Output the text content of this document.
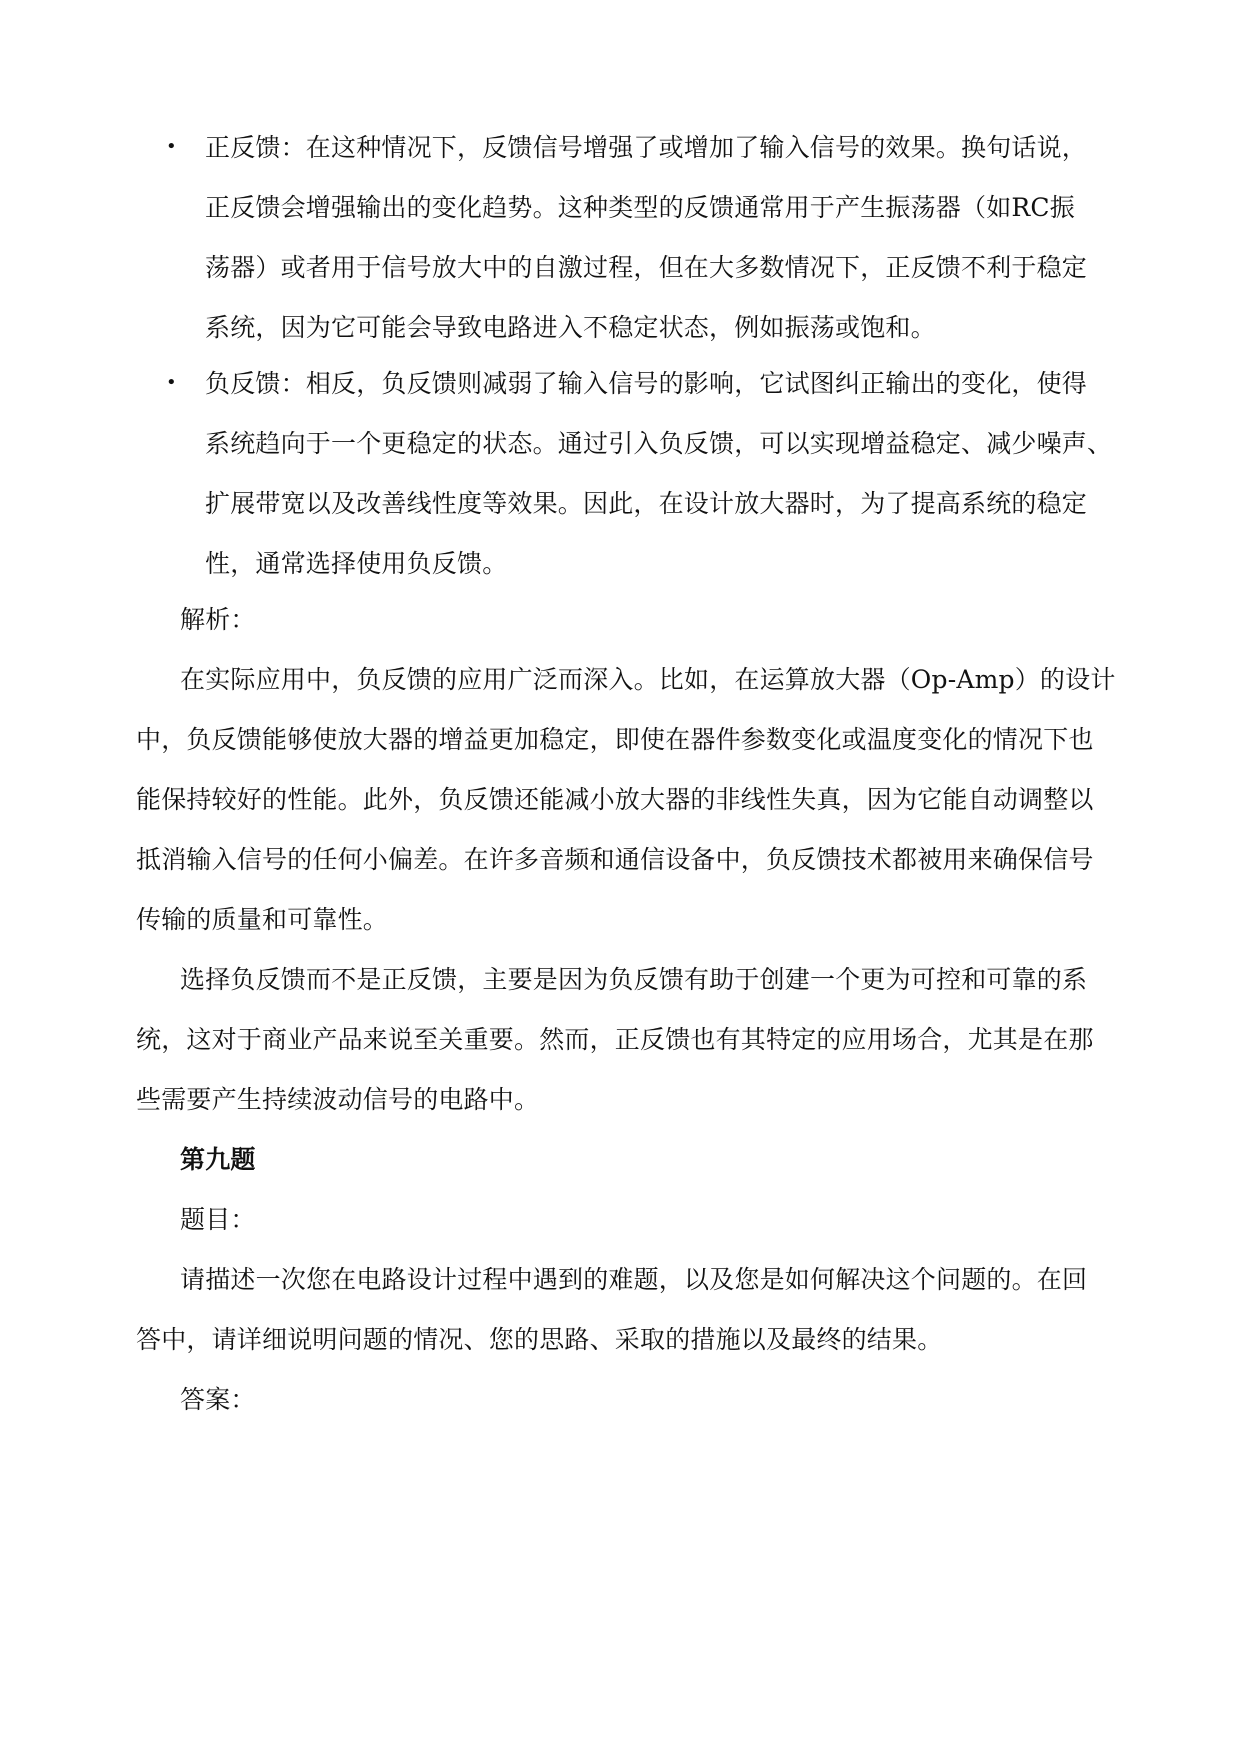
• 正反馈：在这种情况下，反馈信号增强了或增加了输入信号的效果。换句话说，
正反馈会增强输出的变化趋势。这种类型的反馈通常用于产生振荡器（如RC振
荡器）或者用于信号放大中的自激过程，但在大多数情况下，正反馈不利于稳定
系统，因为它可能会导致电路进入不稳定状态，例如振荡或饱和。
• 负反馈：相反，负反馈则减弱了输入信号的影响，它试图纠正输出的变化，使得
系统趋向于一个更稳定的状态。通过引入负反馈，可以实现增益稳定、减少噪声、
扩展带宽以及改善线性度等效果。因此，在设计放大器时，为了提高系统的稳定
性，通常选择使用负反馈。
解析：
在实际应用中，负反馈的应用广泛而深入。比如，在运算放大器（Op-Amp）的设计
中，负反馈能够使放大器的增益更加稳定，即使在器件参数变化或温度变化的情况下也
能保持较好的性能。此外，负反馈还能减小放大器的非线性失真，因为它能自动调整以
抵消输入信号的任何小偏差。在许多音频和通信设备中，负反馈技术都被用来确保信号
传输的质量和可靠性。
选择负反馈而不是正反馈，主要是因为负反馈有助于创建一个更为可控和可靠的系
统，这对于商业产品来说至关重要。然而，正反馈也有其特定的应用场合，尤其是在那
些需要产生持续波动信号的电路中。
第九题
题目：
请描述一次您在电路设计过程中遇到的难题，以及您是如何解决这个问题的。在回
答中，请详细说明问题的情况、您的思路、采取的措施以及最终的结果。
答案：
